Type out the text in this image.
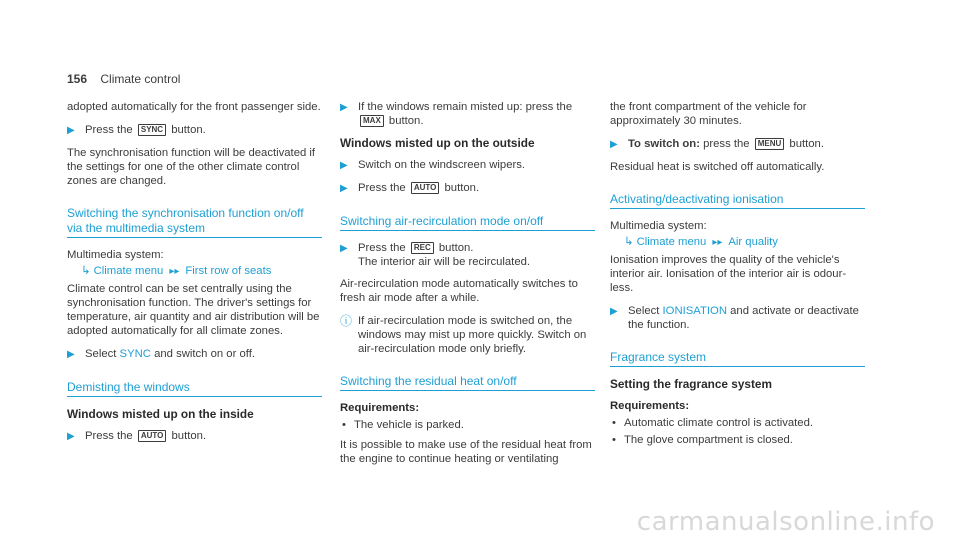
156 Climate control

adopted automatically for the front passenger side.

▶ Press the SYNC button.

The synchronisation function will be deactivated if the settings for one of the other climate control zones are changed.

Switching the synchronisation function on/off via the multimedia system

Multimedia system:

↳ Climate menu ▸▸ First row of seats

Climate control can be set centrally using the synchronisation function. The driver's settings for temperature, air quantity and air distribution will be adopted automatically for all climate zones.

▶ Select SYNC and switch on or off.
Demisting the windows
Windows misted up on the inside
▶ Press the AUTO button.
▶ If the windows remain misted up: press the MAX button.
Windows misted up on the outside
▶ Switch on the windscreen wipers.
▶ Press the AUTO button.
Switching air-recirculation mode on/off
▶ Press the REC button.
The interior air will be recirculated.

Air-recirculation mode automatically switches to fresh air mode after a while.

ⓘ If air-recirculation mode is switched on, the windows may mist up more quickly. Switch on air-recirculation mode only briefly.
Switching the residual heat on/off
Requirements:
• The vehicle is parked.

It is possible to make use of the residual heat from the engine to continue heating or ventilating

the front compartment of the vehicle for approximately 30 minutes.

▶ To switch on: press the MENU button.

Residual heat is switched off automatically.

Activating/deactivating ionisation

Multimedia system:

↳ Climate menu ▸▸ Air quality

Ionisation improves the quality of the vehicle's interior air. Ionisation of the interior air is odour-less.

▶ Select IONISATION and activate or deactivate the function.
Fragrance system
Setting the fragrance system
Requirements:
• Automatic climate control is activated.
• The glove compartment is closed.
carmanualsonline.info
